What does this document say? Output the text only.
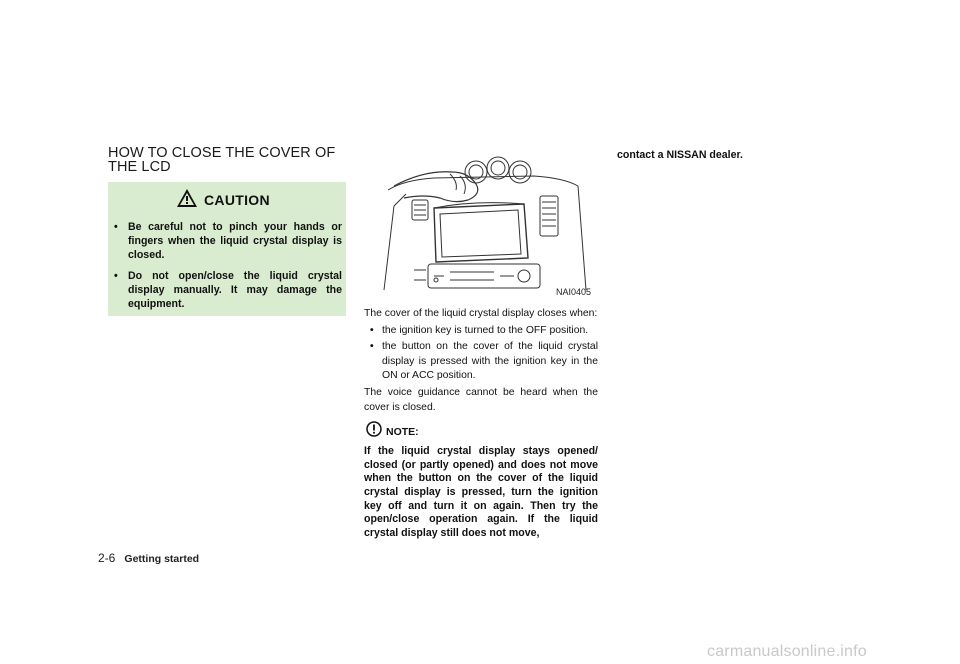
HOW TO CLOSE THE COVER OF THE LCD
CAUTION
• Be careful not to pinch your hands or fingers when the liquid crystal display is closed.
• Do not open/close the liquid crystal display manually. It may damage the equipment.
NAI0405

The cover of the liquid crystal display closes when:

• the ignition key is turned to the OFF position.
• the button on the cover of the liquid crystal display is pressed with the ignition key in the ON or ACC position.

The voice guidance cannot be heard when the cover is closed.

NOTE:
If the liquid crystal display stays opened/ closed (or partly opened) and does not move when the button on the cover of the liquid crystal display is pressed, turn the ignition key off and turn it on again. Then try the open/close operation again. If the liquid crystal display still does not move,
contact a NISSAN dealer.
2-6 Getting started
carmanualsonline.info
